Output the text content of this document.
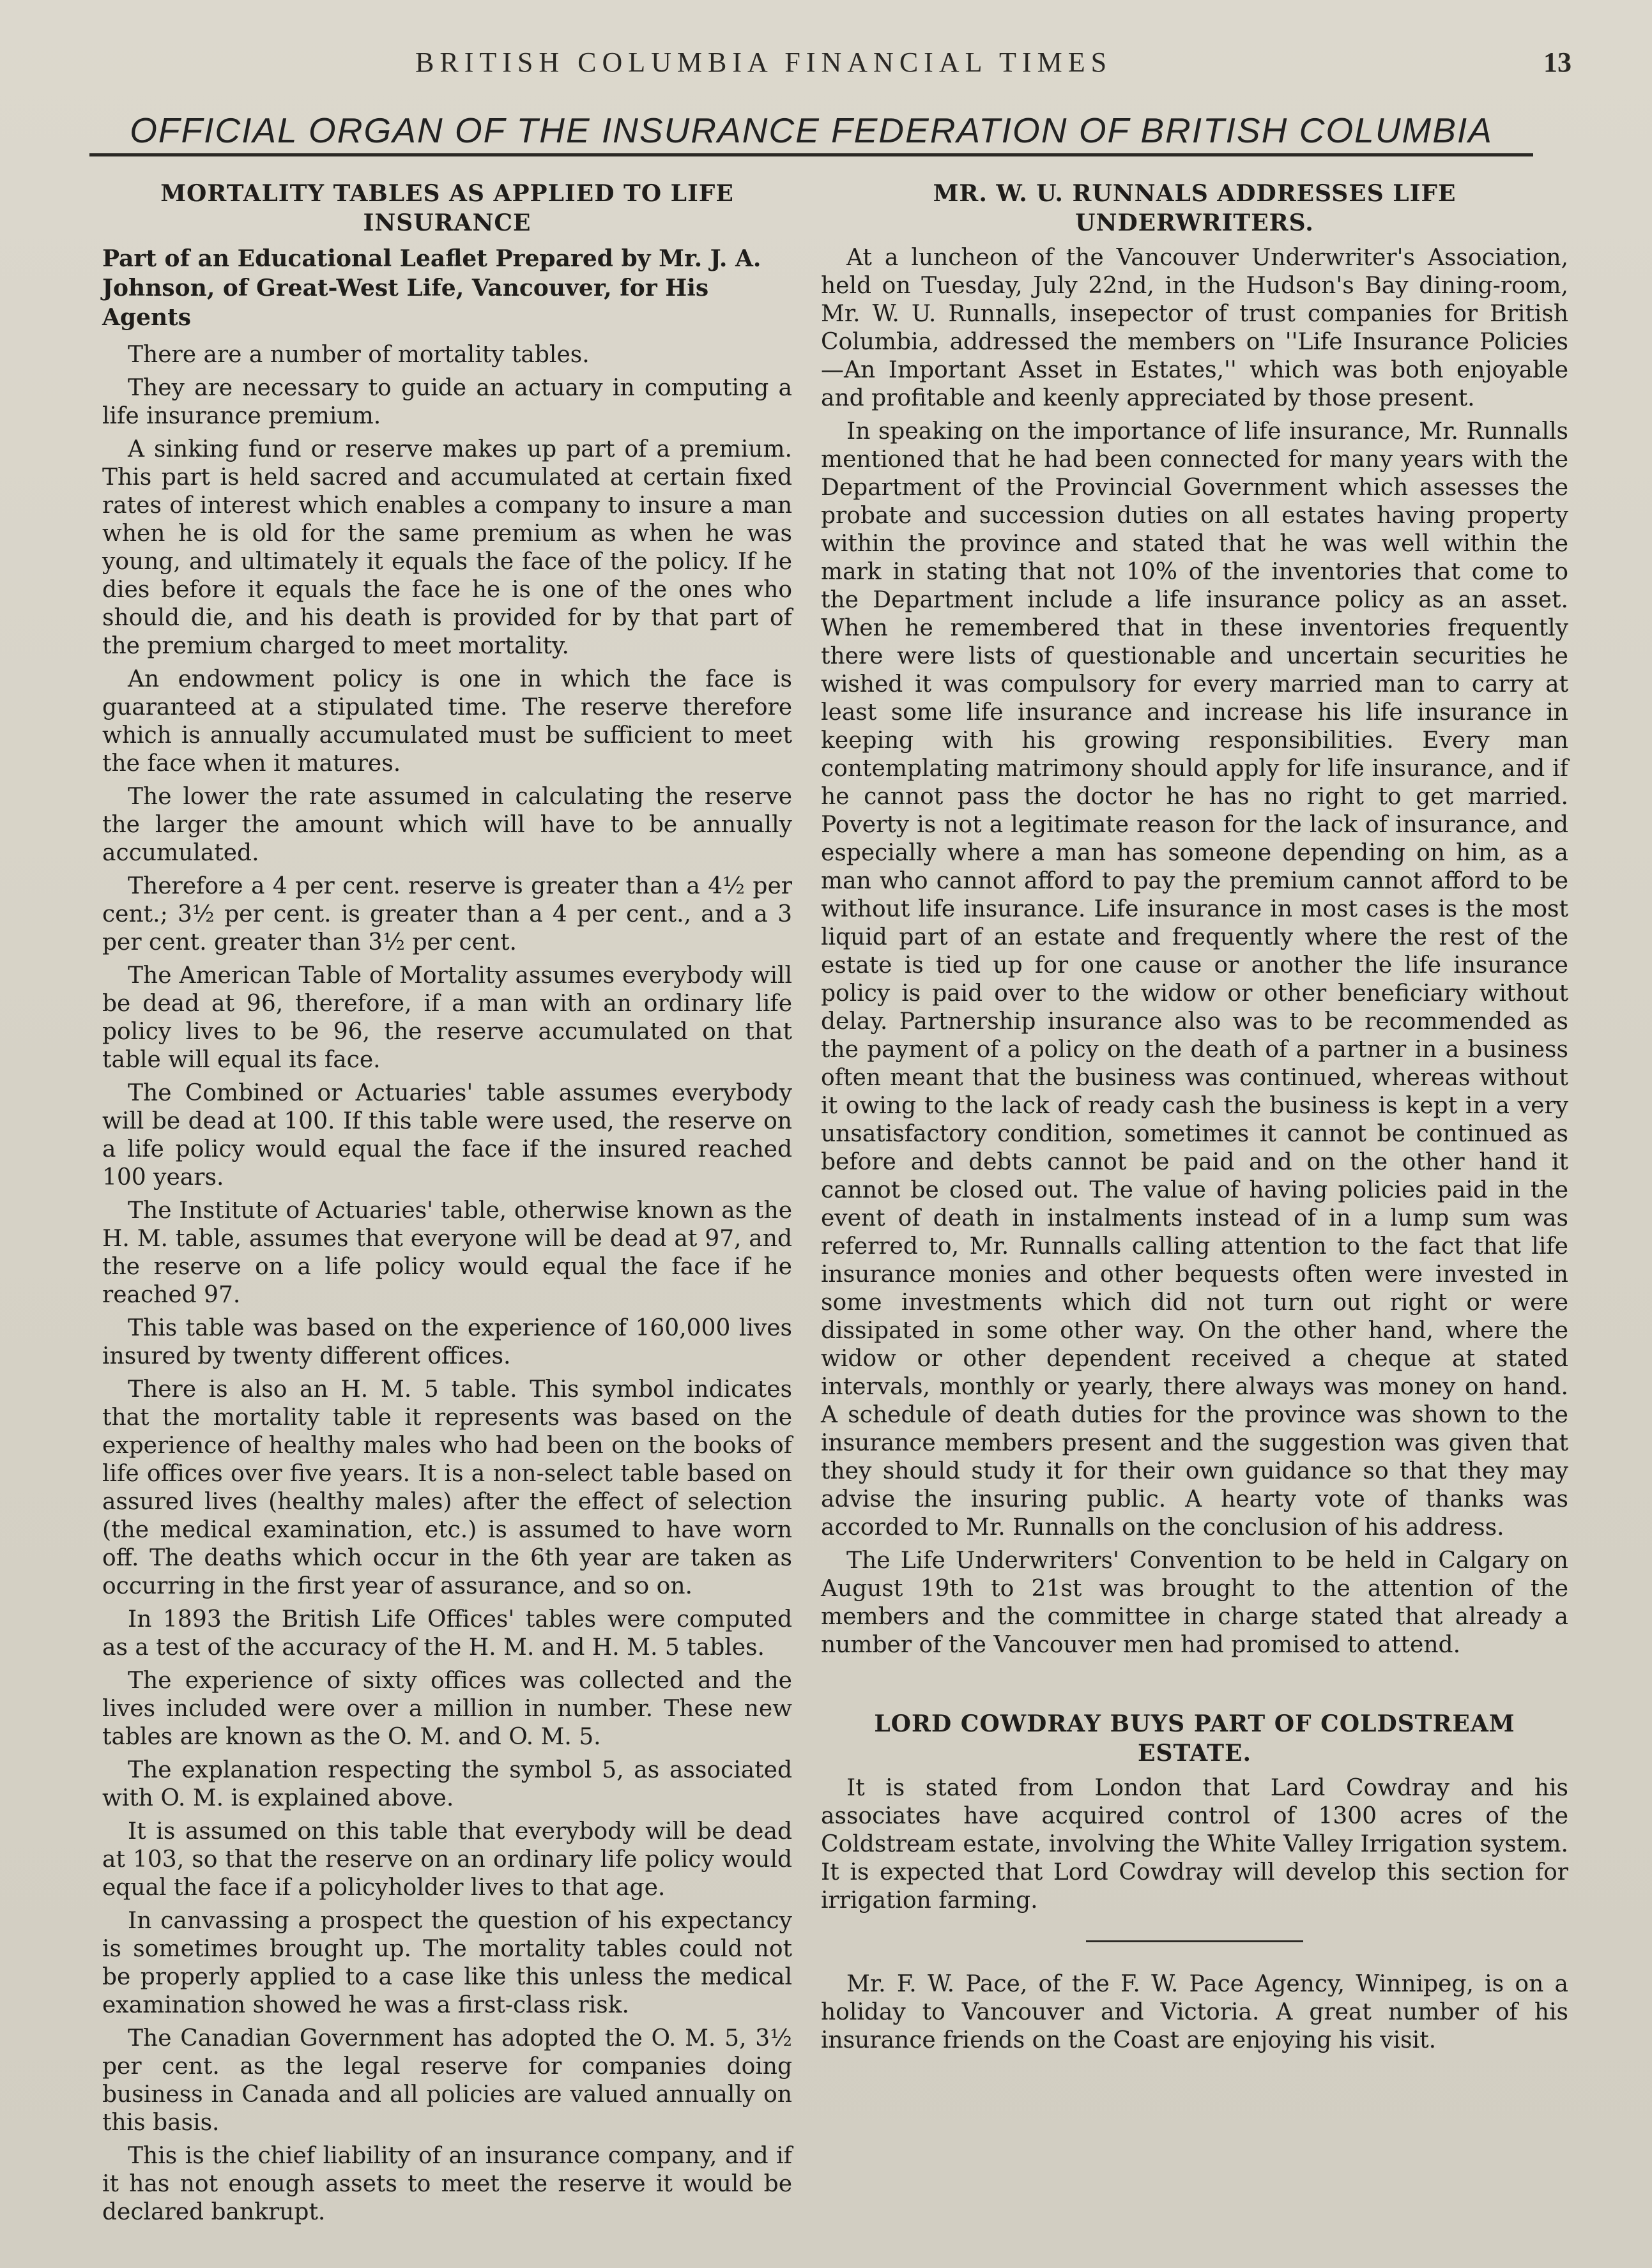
BRITISH COLUMBIA FINANCIAL TIMES	13
OFFICIAL ORGAN OF THE INSURANCE FEDERATION OF BRITISH COLUMBIA
MORTALITY TABLES AS APPLIED TO LIFE INSURANCE
Part of an Educational Leaflet Prepared by Mr. J. A. Johnson, of Great-West Life, Vancouver, for His Agents

There are a number of mortality tables.

They are necessary to guide an actuary in computing a life insurance premium.

A sinking fund or reserve makes up part of a premium. This part is held sacred and accumulated at certain fixed rates of interest which enables a company to insure a man when he is old for the same premium as when he was young, and ultimately it equals the face of the policy. If he dies before it equals the face he is one of the ones who should die, and his death is provided for by that part of the premium charged to meet mortality.

An endowment policy is one in which the face is guaranteed at a stipulated time. The reserve therefore which is annually accumulated must be sufficient to meet the face when it matures.

The lower the rate assumed in calculating the reserve the larger the amount which will have to be annually accumulated.

Therefore a 4 per cent. reserve is greater than a 4½ per cent.; 3½ per cent. is greater than a 4 per cent., and a 3 per cent. greater than 3½ per cent.

The American Table of Mortality assumes everybody will be dead at 96, therefore, if a man with an ordinary life policy lives to be 96, the reserve accumulated on that table will equal its face.

The Combined or Actuaries' table assumes everybody will be dead at 100. If this table were used, the reserve on a life policy would equal the face if the insured reached 100 years.

The Institute of Actuaries' table, otherwise known as the H. M. table, assumes that everyone will be dead at 97, and the reserve on a life policy would equal the face if he reached 97.

This table was based on the experience of 160,000 lives insured by twenty different offices.

There is also an H. M. 5 table. This symbol indicates that the mortality table it represents was based on the experience of healthy males who had been on the books of life offices over five years. It is a non-select table based on assured lives (healthy males) after the effect of selection (the medical examination, etc.) is assumed to have worn off. The deaths which occur in the 6th year are taken as occurring in the first year of assurance, and so on.

In 1893 the British Life Offices' tables were computed as a test of the accuracy of the H. M. and H. M. 5 tables.

The experience of sixty offices was collected and the lives included were over a million in number. These new tables are known as the O. M. and O. M. 5.

The explanation respecting the symbol 5, as associated with O. M. is explained above.

It is assumed on this table that everybody will be dead at 103, so that the reserve on an ordinary life policy would equal the face if a policyholder lives to that age.

In canvassing a prospect the question of his expectancy is sometimes brought up. The mortality tables could not be properly applied to a case like this unless the medical examination showed he was a first-class risk.

The Canadian Government has adopted the O. M. 5, 3½ per cent. as the legal reserve for companies doing business in Canada and all policies are valued annually on this basis.

This is the chief liability of an insurance company, and if it has not enough assets to meet the reserve it would be declared bankrupt.

MR. W. U. RUNNALS ADDRESSES LIFE UNDERWRITERS.

At a luncheon of the Vancouver Underwriter's Association, held on Tuesday, July 22nd, in the Hudson's Bay dining-room, Mr. W. U. Runnalls, insepector of trust companies for British Columbia, addressed the members on ''Life Insurance Policies—An Important Asset in Estates,'' which was both enjoyable and profitable and keenly appreciated by those present.

In speaking on the importance of life insurance, Mr. Runnalls mentioned that he had been connected for many years with the Department of the Provincial Government which assesses the probate and succession duties on all estates having property within the province and stated that he was well within the mark in stating that not 10% of the inventories that come to the Department include a life insurance policy as an asset. When he remembered that in these inventories frequently there were lists of questionable and uncertain securities he wished it was compulsory for every married man to carry at least some life insurance and increase his life insurance in keeping with his growing responsibilities. Every man contemplating matrimony should apply for life insurance, and if he cannot pass the doctor he has no right to get married. Poverty is not a legitimate reason for the lack of insurance, and especially where a man has someone depending on him, as a man who cannot afford to pay the premium cannot afford to be without life insurance. Life insurance in most cases is the most liquid part of an estate and frequently where the rest of the estate is tied up for one cause or another the life insurance policy is paid over to the widow or other beneficiary without delay. Partnership insurance also was to be recommended as the payment of a policy on the death of a partner in a business often meant that the business was continued, whereas without it owing to the lack of ready cash the business is kept in a very unsatisfactory condition, sometimes it cannot be continued as before and debts cannot be paid and on the other hand it cannot be closed out. The value of having policies paid in the event of death in instalments instead of in a lump sum was referred to, Mr. Runnalls calling attention to the fact that life insurance monies and other bequests often were invested in some investments which did not turn out right or were dissipated in some other way. On the other hand, where the widow or other dependent received a cheque at stated intervals, monthly or yearly, there always was money on hand. A schedule of death duties for the province was shown to the insurance members present and the suggestion was given that they should study it for their own guidance so that they may advise the insuring public. A hearty vote of thanks was accorded to Mr. Runnalls on the conclusion of his address.

The Life Underwriters' Convention to be held in Calgary on August 19th to 21st was brought to the attention of the members and the committee in charge stated that already a number of the Vancouver men had promised to attend.

LORD COWDRAY BUYS PART OF COLDSTREAM ESTATE.

It is stated from London that Lard Cowdray and his associates have acquired control of 1300 acres of the Coldstream estate, involving the White Valley Irrigation system. It is expected that Lord Cowdray will develop this section for irrigation farming.

Mr. F. W. Pace, of the F. W. Pace Agency, Winnipeg, is on a holiday to Vancouver and Victoria. A great number of his insurance friends on the Coast are enjoying his visit.
